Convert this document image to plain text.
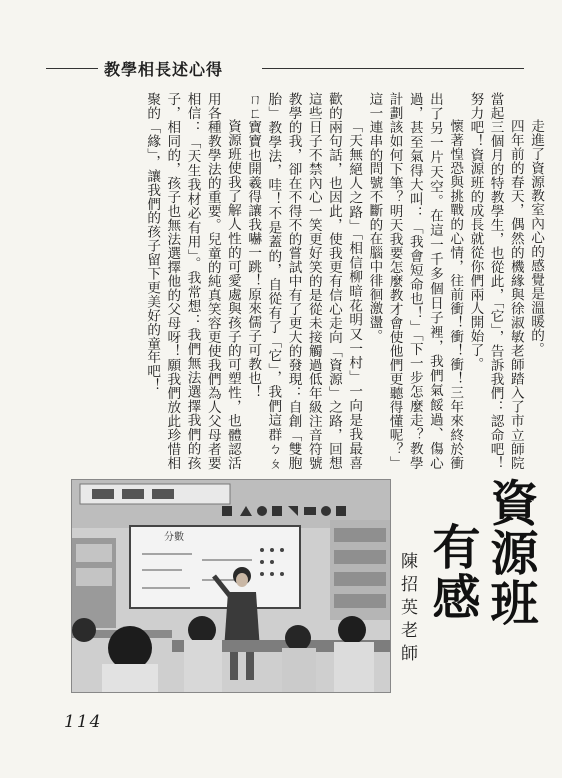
教學相長述心得

走進了資源教室內心的感覺是溫暖的。

四年前的春天，偶然的機緣與徐淑敏老師踏入了市立師院當起三個月的特教學生，也從此，「它」，告訴我們：認命吧！努力吧！資源班的成長就從你們兩人開始了。

懷著惶恐與挑戰的心情，往前衝！衝！衝！三年來終於衝出了另一片天空。在這一千多個日子裡，我們氣餒過、傷心過，甚至氣得大叫：「我會短命也！」「下一步怎麼走？教學計劃該如何下筆？明天我要怎麼教才會使他們更聽得懂呢？」這一連串的問號不斷的在腦中徘徊激盪。

「天無絕人之路」「相信柳暗花明又一村」一向是我最喜歡的兩句話，也因此，使我更有信心走向「資源」之路，回想這些日子不禁內心一笑更好笑的是從未接觸過低年級注音符號教學的我，卻在不得不的嘗試中有了更大的發現：自創「雙胞胎」教學法，哇！不是蓋的，自從有了「它」，我們這群ㄅㄆㄇㄈ寶寶也開羲得讓我嚇一跳！原來儒子可教也！

資源班使我了解人性的可愛處與孩子的可塑性，也體認活用各種教學法的重要。兒童的純真笑容更使我們為人父母者要相信：「天生我材必有用」。我常想：我們無法選擇我們的孩子，相同的，孩子也無法選擇他的父母呀！願我們放此珍惜相聚的「緣」，讓我們的孩子留下更美好的童年吧！

分數	資源班
有感
陳招英老師
114
